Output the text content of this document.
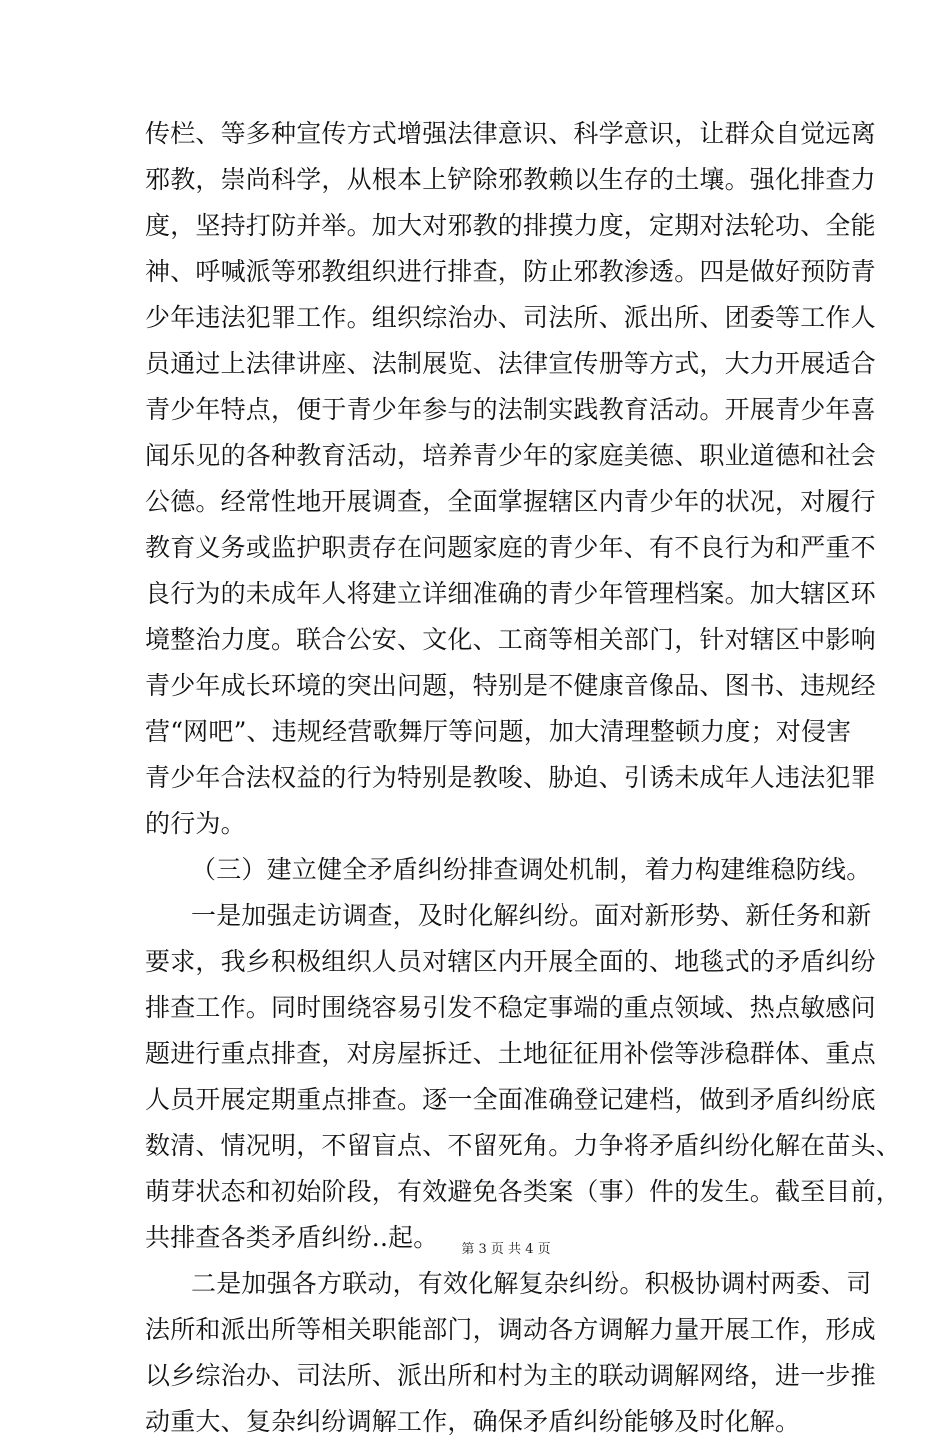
传栏、等多种宣传方式增强法律意识、科学意识，让群众自觉远离
邪教，崇尚科学，从根本上铲除邪教赖以生存的土壤。强化排查力
度，坚持打防并举。加大对邪教的排摸力度，定期对法轮功、全能
神、呼喊派等邪教组织进行排查，防止邪教渗透。四是做好预防青
少年违法犯罪工作。组织综治办、司法所、派出所、团委等工作人
员通过上法律讲座、法制展览、法律宣传册等方式，大力开展适合
青少年特点，便于青少年参与的法制实践教育活动。开展青少年喜
闻乐见的各种教育活动，培养青少年的家庭美德、职业道德和社会
公德。经常性地开展调查，全面掌握辖区内青少年的状况，对履行
教育义务或监护职责存在问题家庭的青少年、有不良行为和严重不
良行为的未成年人将建立详细准确的青少年管理档案。加大辖区环
境整治力度。联合公安、文化、工商等相关部门，针对辖区中影响
青少年成长环境的突出问题，特别是不健康音像品、图书、违规经
营“网吧”、违规经营歌舞厅等问题，加大清理整顿力度；对侵害
青少年合法权益的行为特别是教唆、胁迫、引诱未成年人违法犯罪
的行为。
（三）建立健全矛盾纠纷排查调处机制，着力构建维稳防线。
一是加强走访调查，及时化解纠纷。面对新形势、新任务和新
要求，我乡积极组织人员对辖区内开展全面的、地毯式的矛盾纠纷
排查工作。同时围绕容易引发不稳定事端的重点领域、热点敏感问
题进行重点排查，对房屋拆迁、土地征征用补偿等涉稳群体、重点
人员开展定期重点排查。逐一全面准确登记建档，做到矛盾纠纷底
数清、情况明，不留盲点、不留死角。力争将矛盾纠纷化解在苗头、
萌芽状态和初始阶段，有效避免各类案（事）件的发生。截至目前，
共排查各类矛盾纠纷..起。
二是加强各方联动，有效化解复杂纠纷。积极协调村两委、司
法所和派出所等相关职能部门，调动各方调解力量开展工作，形成
以乡综治办、司法所、派出所和村为主的联动调解网络，进一步推
动重大、复杂纠纷调解工作，确保矛盾纠纷能够及时化解。
第 3 页 共 4 页
